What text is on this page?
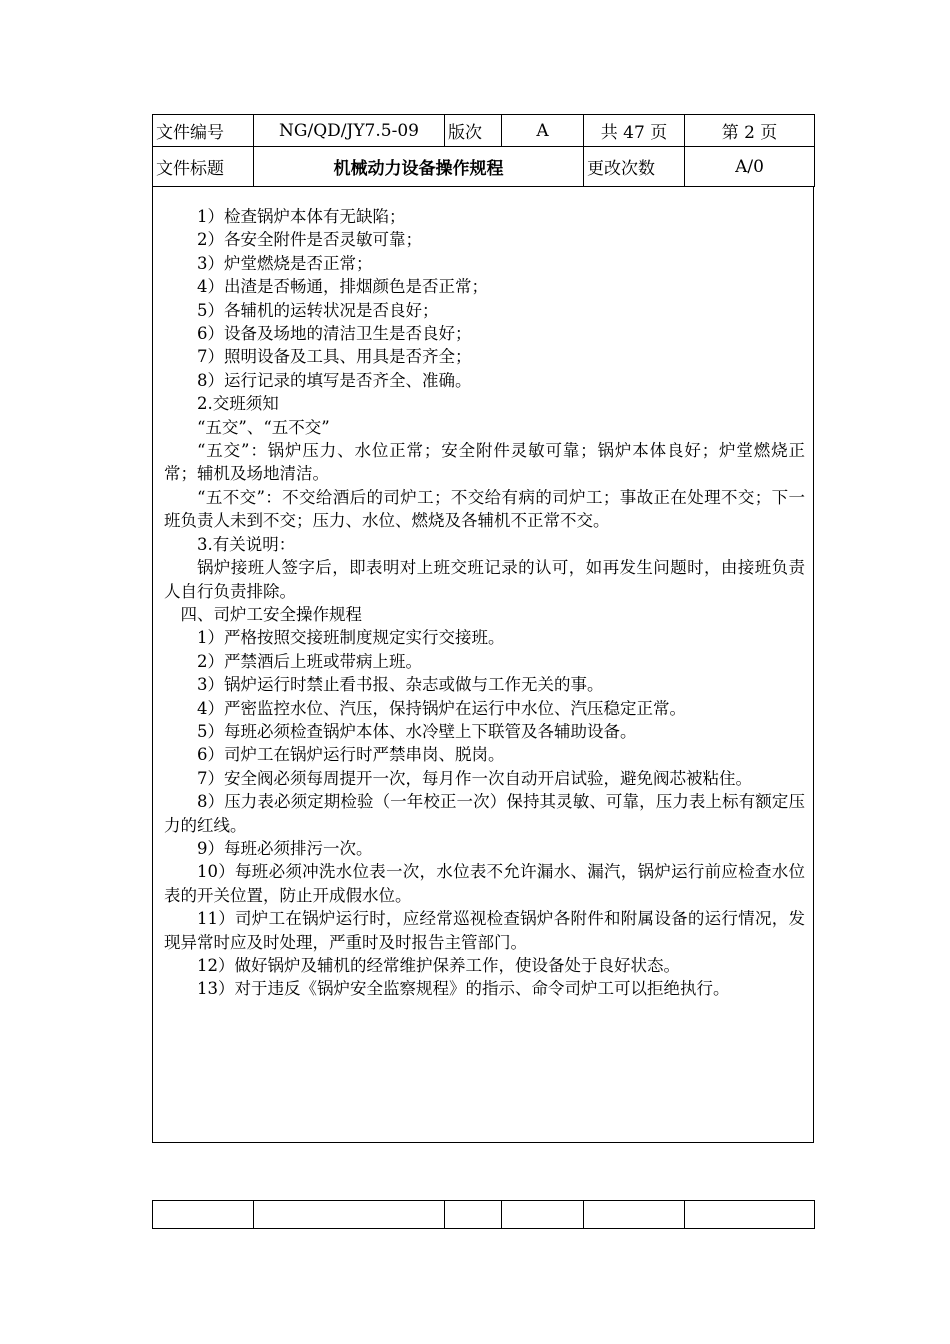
文件编号	NG/QD/JY7.5-09	版次	A	共 47 页	第 2 页
文件标题	机械动力设备操作规程			更改次数	A/0

1）检查锅炉本体有无缺陷；

2）各安全附件是否灵敏可靠；

3）炉堂燃烧是否正常；

4）出渣是否畅通，排烟颜色是否正常；

5）各辅机的运转状况是否良好；

6）设备及场地的清洁卫生是否良好；

7）照明设备及工具、用具是否齐全；

8）运行记录的填写是否齐全、准确。

2.交班须知

“五交”、“五不交”

“五交”：锅炉压力、水位正常；安全附件灵敏可靠；锅炉本体良好；炉堂燃烧正常；辅机及场地清洁。

“五不交”：不交给酒后的司炉工；不交给有病的司炉工；事故正在处理不交；下一班负责人未到不交；压力、水位、燃烧及各辅机不正常不交。

3.有关说明：

锅炉接班人签字后，即表明对上班交班记录的认可，如再发生问题时，由接班负责人自行负责排除。

四、司炉工安全操作规程

1）严格按照交接班制度规定实行交接班。

2）严禁酒后上班或带病上班。

3）锅炉运行时禁止看书报、杂志或做与工作无关的事。

4）严密监控水位、汽压，保持锅炉在运行中水位、汽压稳定正常。

5）每班必须检查锅炉本体、水冷壁上下联管及各辅助设备。

6）司炉工在锅炉运行时严禁串岗、脱岗。

7）安全阀必须每周提开一次，每月作一次自动开启试验，避免阀芯被粘住。

8）压力表必须定期检验（一年校正一次）保持其灵敏、可靠，压力表上标有额定压力的红线。

9）每班必须排污一次。

10）每班必须冲洗水位表一次，水位表不允许漏水、漏汽，锅炉运行前应检查水位表的开关位置，防止开成假水位。

11）司炉工在锅炉运行时，应经常巡视检查锅炉各附件和附属设备的运行情况，发现异常时应及时处理，严重时及时报告主管部门。

12）做好锅炉及辅机的经常维护保养工作，使设备处于良好状态。

13）对于违反《锅炉安全监察规程》的指示、命令司炉工可以拒绝执行。
